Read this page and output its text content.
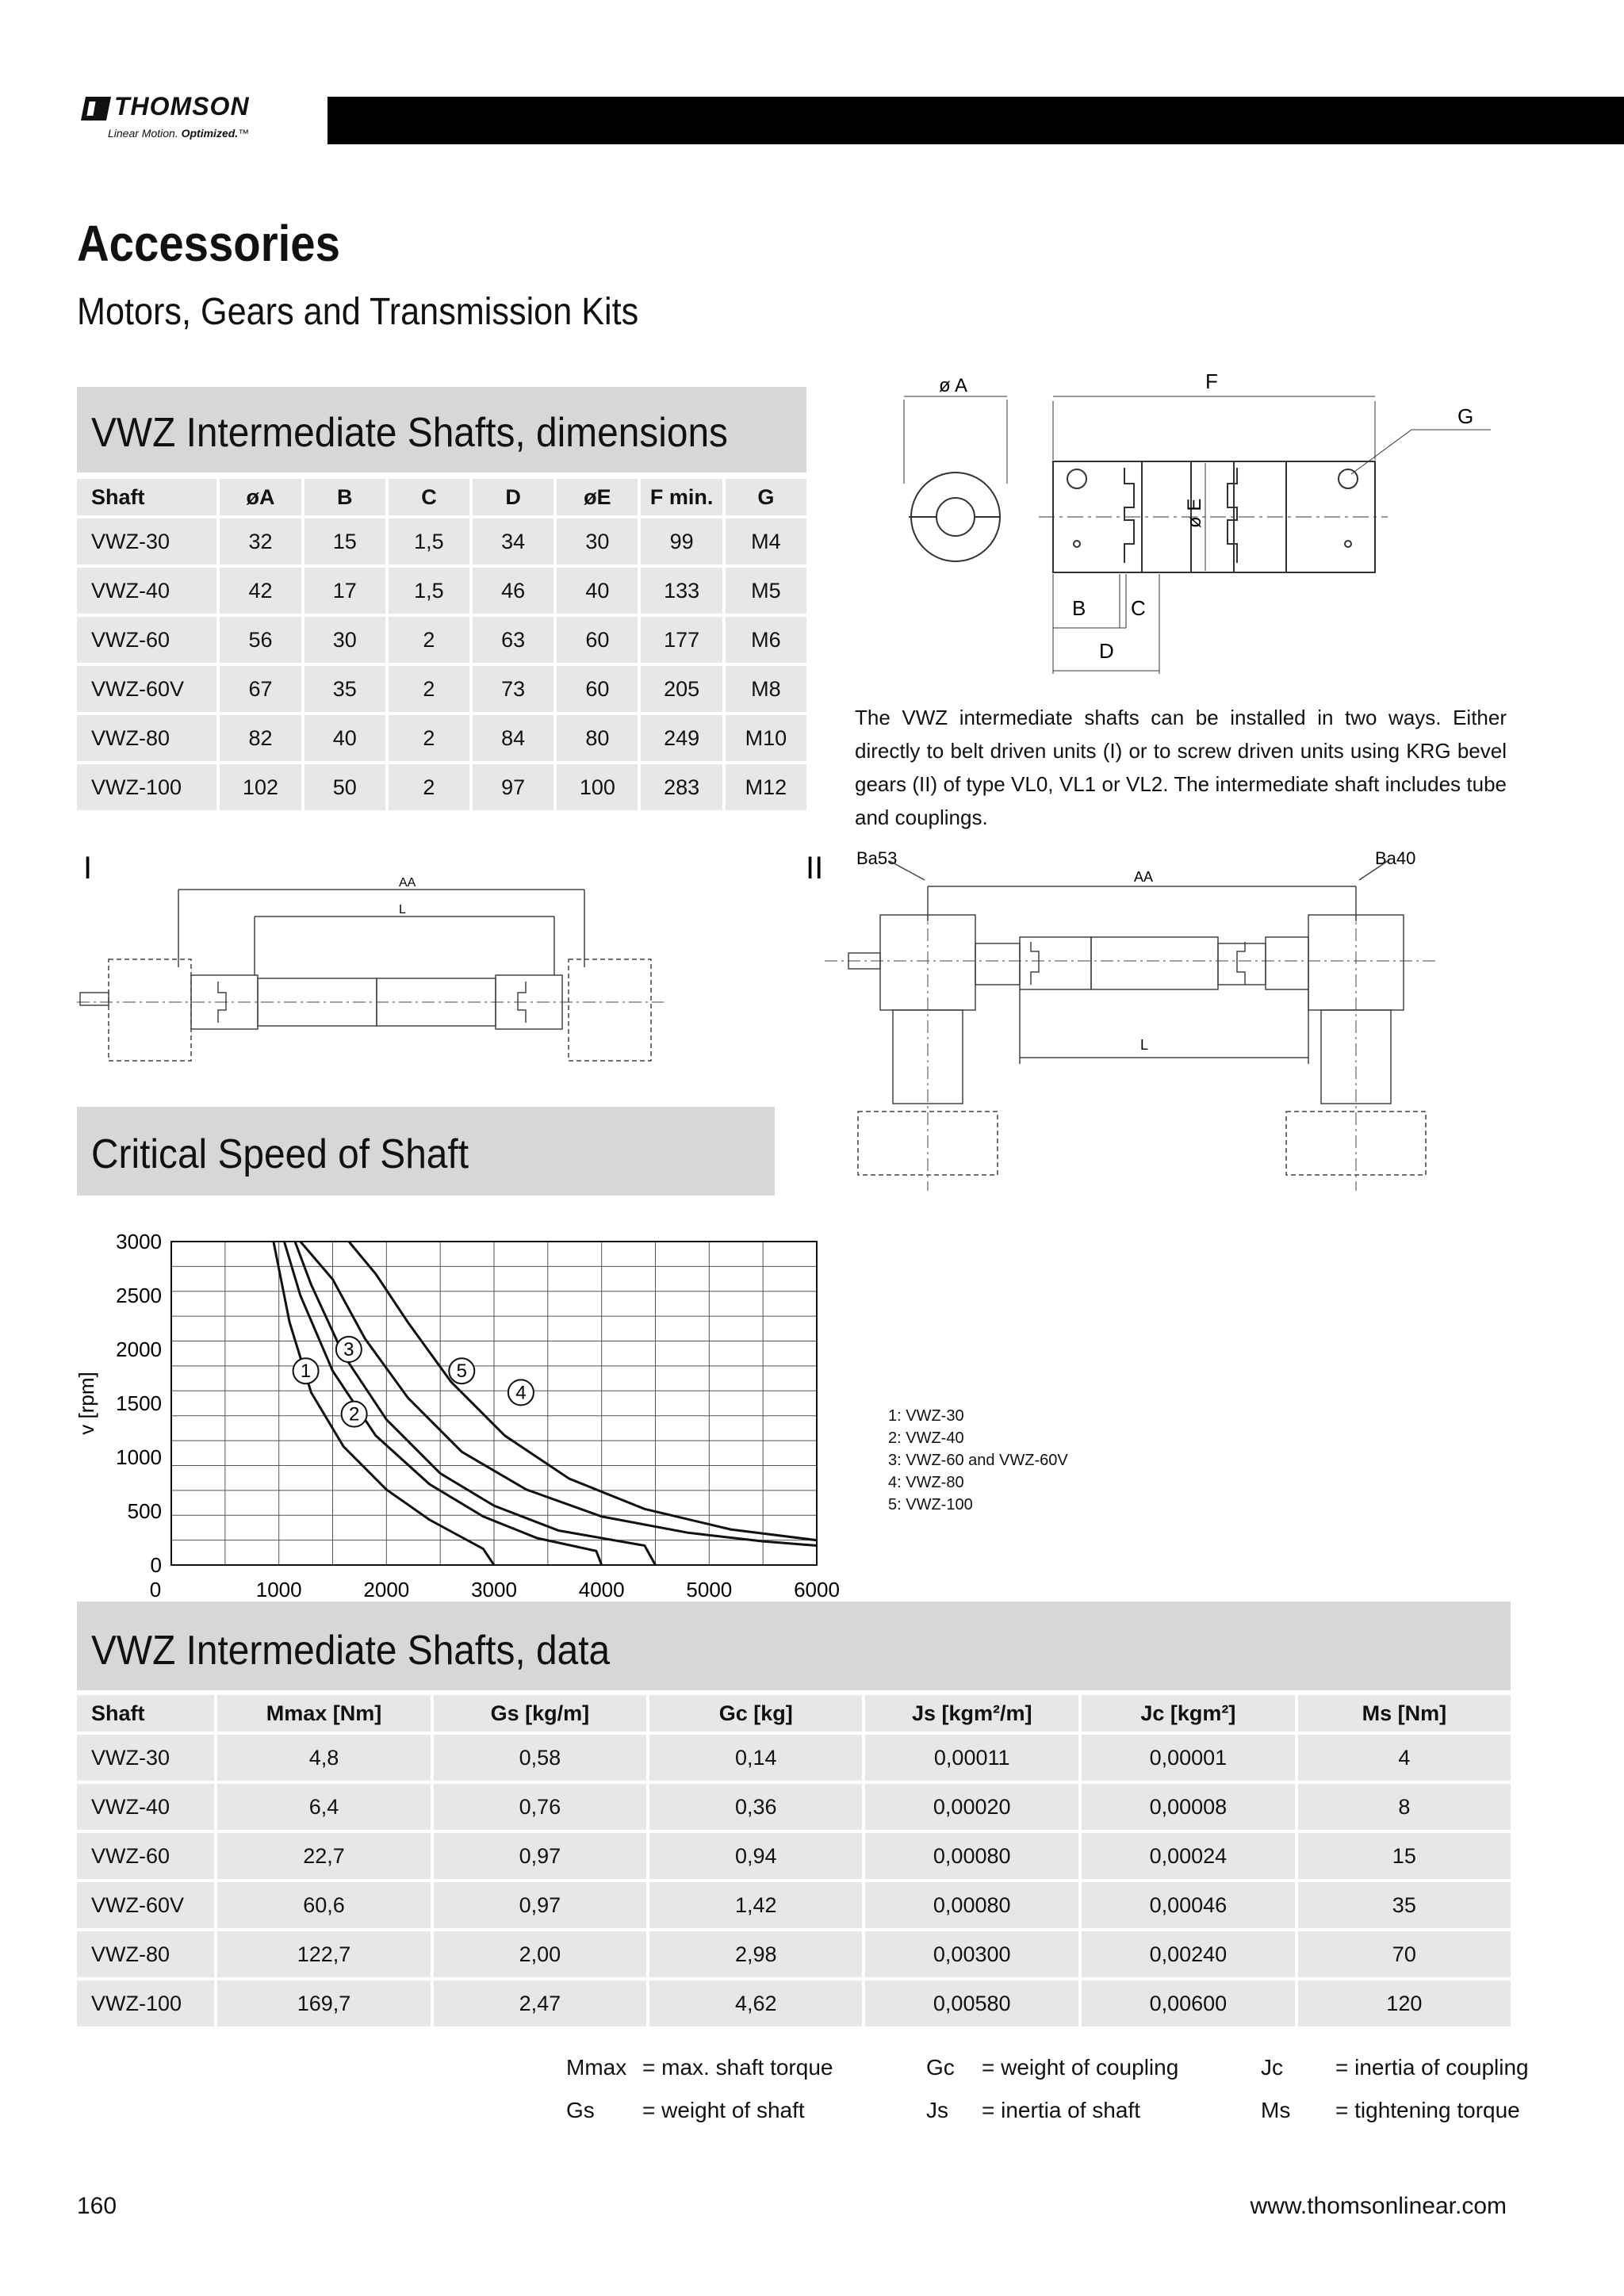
THOMSON
Linear Motion. Optimized.™
Accessories
Motors, Gears and Transmission Kits
VWZ Intermediate Shafts, dimensions
Shaft	øA	B	C	D	øE	F min.	G
VWZ-30	32	15	1,5	34	30	99	M4
VWZ-40	42	17	1,5	46	40	133	M5
VWZ-60	56	30	2	63	60	177	M6
VWZ-60V	67	35	2	73	60	205	M8
VWZ-80	82	40	2	84	80	249	M10
VWZ-100	102	50	2	97	100	283	M12
ø A	F
G
ø E
B C
D
The VWZ intermediate shafts can be installed in two ways. Either directly to belt driven units (I) or to screw driven units using KRG bevel gears (II) of type VL0, VL1 or VL2. The intermediate shaft includes tube and couplings.
I	AA
L
II Ba53	Ba40
AA
L
Critical Speed of Shaft
0
500
1000
1500
2000
2500
3000
0	1000	2000	3000	4000	5000	6000
v [rpm]
1
2
3
4
5
1: VWZ-30
2: VWZ-40
3: VWZ-60 and VWZ-60V
4: VWZ-80
5: VWZ-100
VWZ Intermediate Shafts, data
Shaft	Mmax [Nm]	Gs [kg/m]	Gc [kg]	Js [kgm²/m]	Jc [kgm²]	Ms [Nm]
VWZ-30	4,8	0,58	0,14	0,00011	0,00001	4
VWZ-40	6,4	0,76	0,36	0,00020	0,00008	8
VWZ-60	22,7	0,97	0,94	0,00080	0,00024	15
VWZ-60V	60,6	0,97	1,42	0,00080	0,00046	35
VWZ-80	122,7	2,00	2,98	0,00300	0,00240	70
VWZ-100	169,7	2,47	4,62	0,00580	0,00600	120
Mmax = max. shaft torque	Gc = weight of coupling	Jc = inertia of coupling
Gs = weight of shaft	Js = inertia of shaft	Ms = tightening torque
160	www.thomsonlinear.com
